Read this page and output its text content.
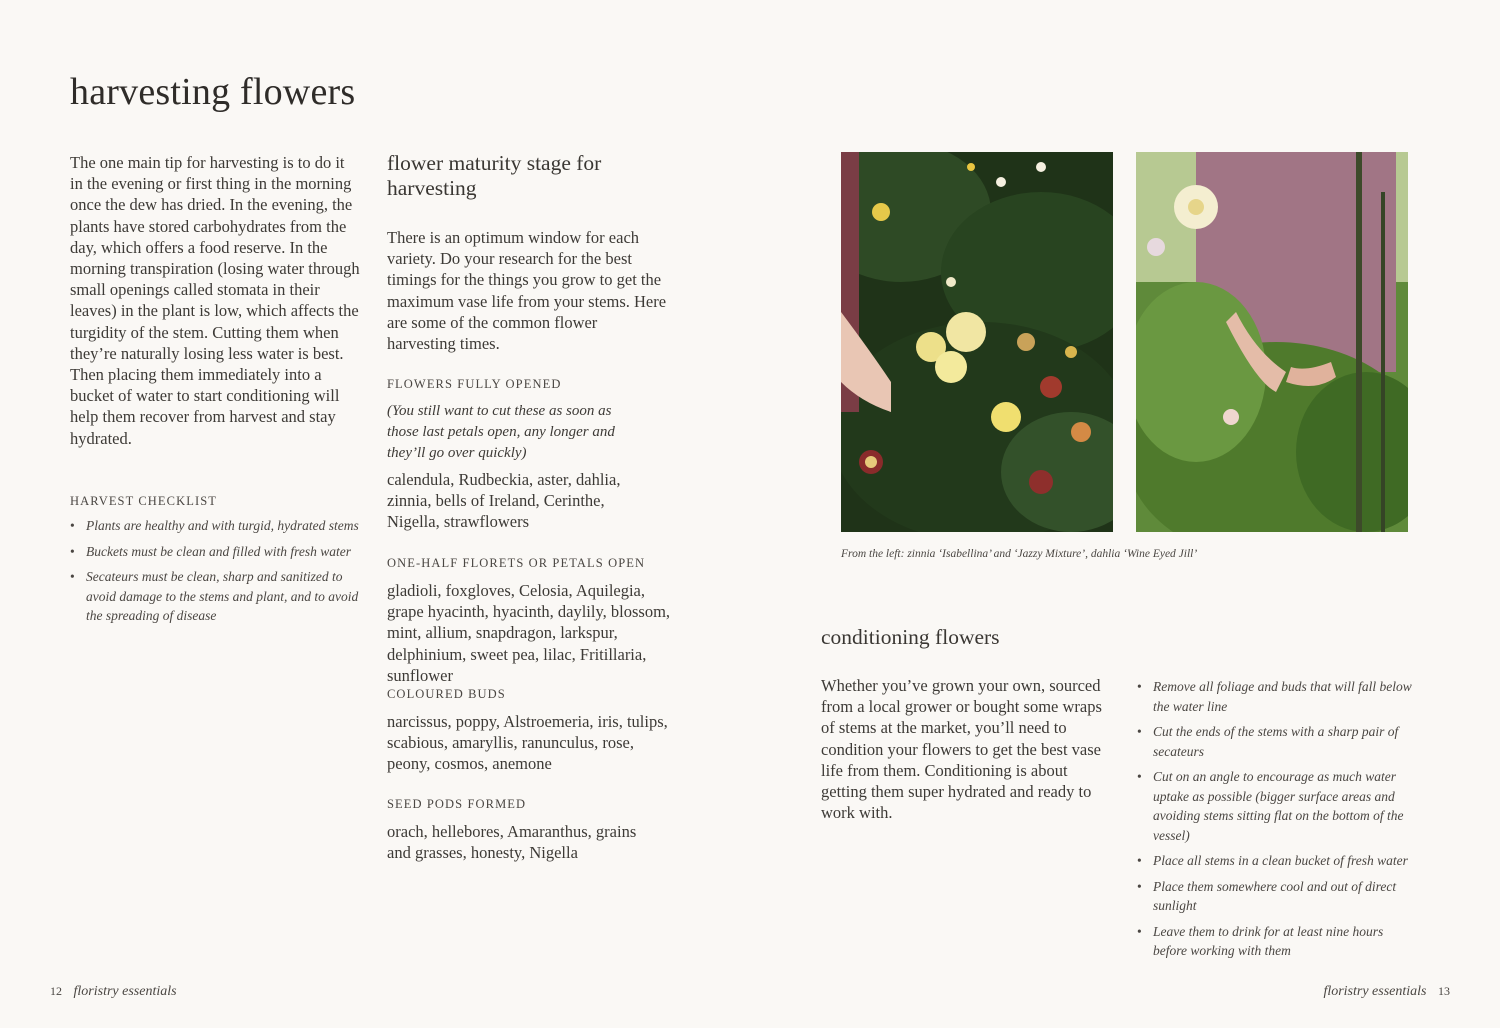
harvesting flowers

The one main tip for harvesting is to do it in the evening or first thing in the morning once the dew has dried. In the evening, the plants have stored carbohydrates from the day, which offers a food reserve. In the morning transpiration (losing water through small openings called stomata in their leaves) in the plant is low, which affects the turgidity of the stem. Cutting them when they’re naturally losing less water is best. Then placing them immediately into a bucket of water to start conditioning will help them recover from harvest and stay hydrated.

HARVEST CHECKLIST

• Plants are healthy and with turgid, hydrated stems
• Buckets must be clean and filled with fresh water
• Secateurs must be clean, sharp and sanitized to avoid damage to the stems and plant, and to avoid the spreading of disease
flower maturity stage for harvesting

There is an optimum window for each variety. Do your research for the best timings for the things you grow to get the maximum vase life from your stems. Here are some of the common flower harvesting times.

FLOWERS FULLY OPENED

(You still want to cut these as soon as those last petals open, any longer and they’ll go over quickly)

calendula, Rudbeckia, aster, dahlia, zinnia, bells of Ireland, Cerinthe, Nigella, strawflowers

ONE-HALF FLORETS OR PETALS OPEN

gladioli, foxgloves, Celosia, Aquilegia, grape hyacinth, hyacinth, daylily, blossom, mint, allium, snapdragon, larkspur, delphinium, sweet pea, lilac, Fritillaria, sunflower

COLOURED BUDS

narcissus, poppy, Alstroemeria, iris, tulips, scabious, amaryllis, ranunculus, rose, peony, cosmos, anemone

SEED PODS FORMED

orach, hellebores, Amaranthus, grains and grasses, honesty, Nigella

12 floristry essentials
From the left: zinnia ‘Isabellina’ and ‘Jazzy Mixture’, dahlia ‘Wine Eyed Jill’
conditioning flowers

Whether you’ve grown your own, sourced from a local grower or bought some wraps of stems at the market, you’ll need to condition your flowers to get the best vase life from them. Conditioning is about getting them super hydrated and ready to work with.

• Remove all foliage and buds that will fall below the water line
• Cut the ends of the stems with a sharp pair of secateurs
• Cut on an angle to encourage as much water uptake as possible (bigger surface areas and avoiding stems sitting flat on the bottom of the vessel)
• Place all stems in a clean bucket of fresh water
• Place them somewhere cool and out of direct sunlight
• Leave them to drink for at least nine hours before working with them
floristry essentials 13
